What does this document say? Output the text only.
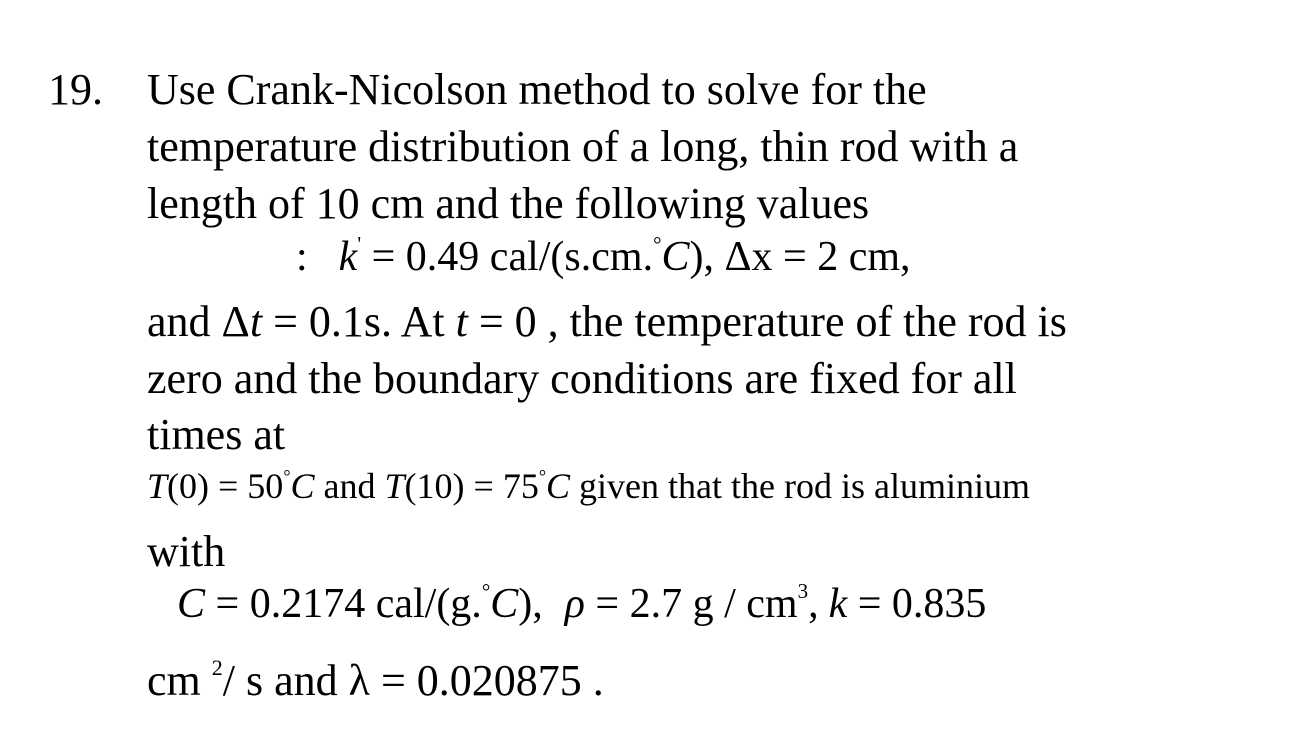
19. Use Crank-Nicolson method to solve for the
temperature distribution of a long, thin rod with a
length of 10 cm and the following values
: k' = 0.49 cal/(s.cm.°C), Δx = 2 cm,
and Δt = 0.1s. At t = 0 , the temperature of the rod is
zero and the boundary conditions are fixed for all
times at
T(0) = 50°C and T(10) = 75°C given that the rod is aluminium
with
C = 0.2174 cal/(g.°C), ρ = 2.7 g / $cm^3$, k = 0.835
cm $^2$/ s and λ = 0.020875 .
